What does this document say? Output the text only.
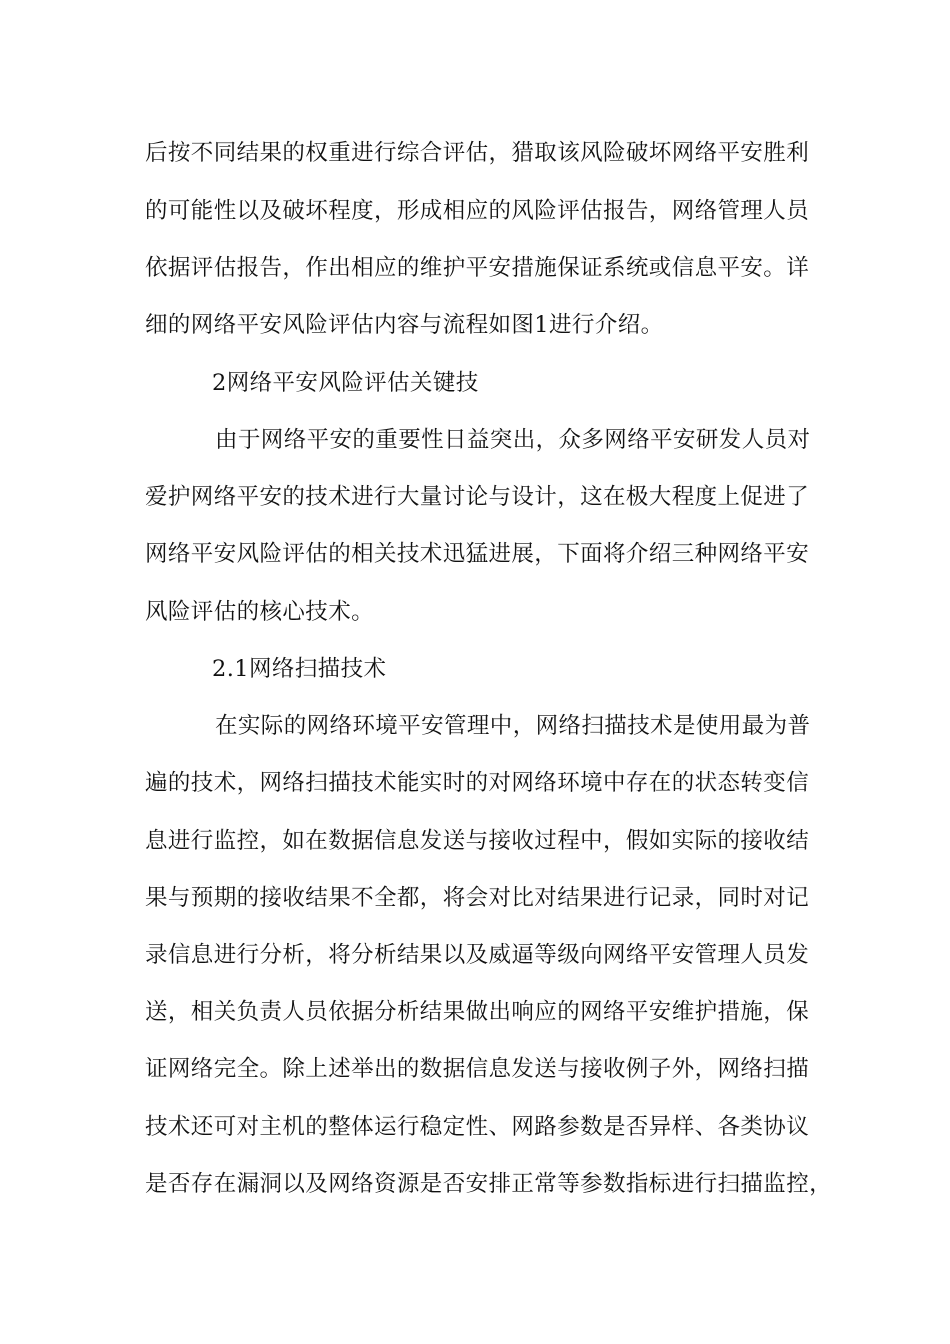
后按不同结果的权重进行综合评估，猎取该风险破坏网络平安胜利
的可能性以及破坏程度，形成相应的风险评估报告，网络管理人员
依据评估报告，作出相应的维护平安措施保证系统或信息平安。详
细的网络平安风险评估内容与流程如图1进行介绍。
2网络平安风险评估关键技
由于网络平安的重要性日益突出，众多网络平安研发人员对
爱护网络平安的技术进行大量讨论与设计，这在极大程度上促进了
网络平安风险评估的相关技术迅猛进展，下面将介绍三种网络平安
风险评估的核心技术。
2.1网络扫描技术
在实际的网络环境平安管理中，网络扫描技术是使用最为普
遍的技术，网络扫描技术能实时的对网络环境中存在的状态转变信
息进行监控，如在数据信息发送与接收过程中，假如实际的接收结
果与预期的接收结果不全都，将会对比对结果进行记录，同时对记
录信息进行分析，将分析结果以及威逼等级向网络平安管理人员发
送，相关负责人员依据分析结果做出响应的网络平安维护措施，保
证网络完全。除上述举出的数据信息发送与接收例子外，网络扫描
技术还可对主机的整体运行稳定性、网路参数是否异样、各类协议
是否存在漏洞以及网络资源是否安排正常等参数指标进行扫描监控，
